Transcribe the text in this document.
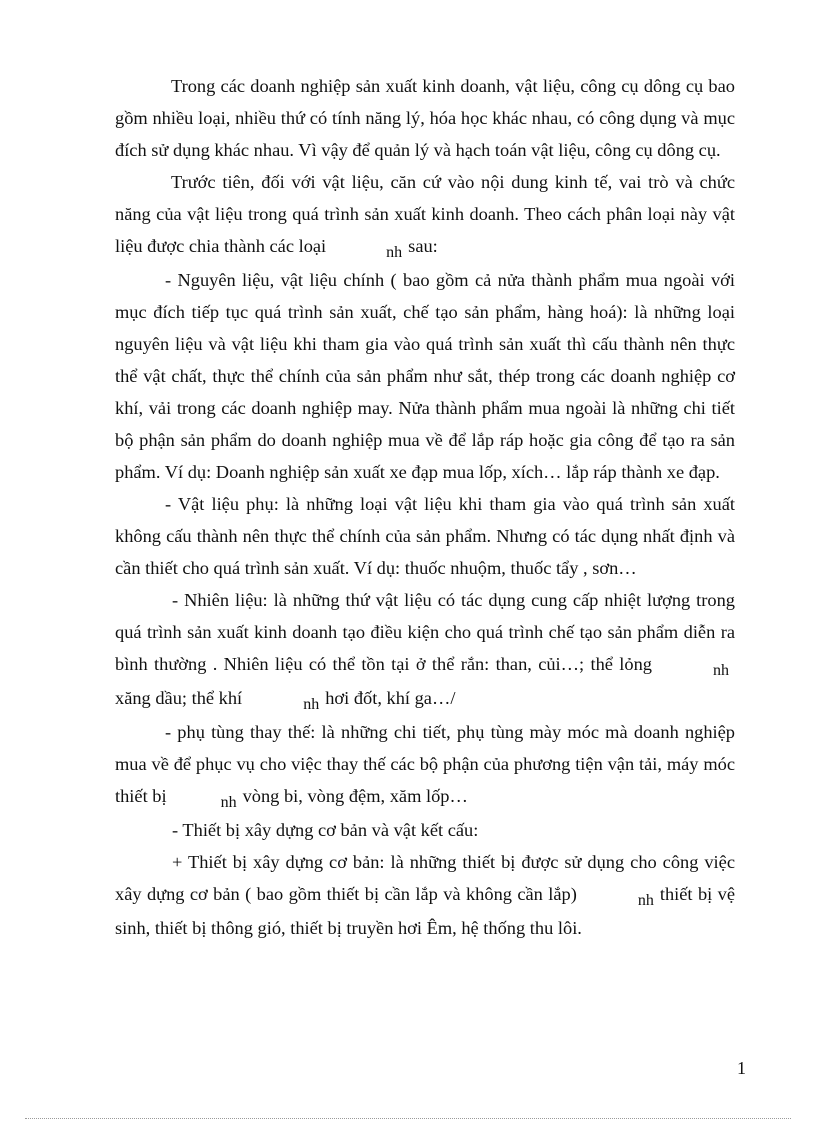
Trong các doanh nghiệp sản xuất kinh doanh, vật liệu, công cụ dông cụ bao gồm nhiều loại, nhiều thứ có tính năng lý, hóa học khác nhau, có công dụng và mục đích sử dụng khác nhau. Vì vậy để quản lý và hạch toán vật liệu, công cụ dông cụ.

Trước tiên, đối với vật liệu, căn cứ vào nội dung kinh tế, vai trò và chức năng của vật liệu trong quá trình sản xuất kinh doanh. Theo cách phân loại này vật liệu được chia thành các loại	nh sau:

- Nguyên liệu, vật liệu chính ( bao gồm cả nửa thành phẩm mua ngoài với mục đích tiếp tục quá trình sản xuất, chế tạo sản phẩm, hàng hoá): là những loại nguyên liệu và vật liệu khi tham gia vào quá trình sản xuất thì cấu thành nên thực thể vật chất, thực thể chính của sản phẩm như sắt, thép trong các doanh nghiệp cơ khí, vải trong các doanh nghiệp may. Nửa thành phẩm mua ngoài là những chi tiết bộ phận sản phẩm do doanh nghiệp mua về để lắp ráp hoặc gia công để tạo ra sản phẩm. Ví dụ: Doanh nghiệp sản xuất xe đạp mua lốp, xích… lắp ráp thành xe đạp.

- Vật liệu phụ: là những loại vật liệu khi tham gia vào quá trình sản xuất không cấu thành nên thực thể chính của sản phẩm. Nhưng có tác dụng nhất định và cần thiết cho quá trình sản xuất. Ví dụ: thuốc nhuộm, thuốc tẩy , sơn…

- Nhiên liệu: là những thứ vật liệu có tác dụng cung cấp nhiệt lượng trong quá trình sản xuất kinh doanh tạo điều kiện cho quá trình chế tạo sản phẩm diễn ra bình thường . Nhiên liệu có thể tồn tại ở thể rắn: than, củi…; thể lỏng	nhxăng dầu; thể khí	nh hơi đốt, khí ga…/

- phụ tùng thay thế: là những chi tiết, phụ tùng mày móc mà doanh nghiệp mua về để phục vụ cho việc thay thế các bộ phận của phương tiện vận tải, máy móc thiết bị	nh vòng bi, vòng đệm, xăm lốp…

- Thiết bị xây dựng cơ bản và vật kết cấu:

+ Thiết bị xây dựng cơ bản: là những thiết bị được sử dụng cho công việc xây dựng cơ bản ( bao gồm thiết bị cần lắp và không cần lắp)	nh thiết bị vệ sinh, thiết bị thông gió, thiết bị truyền hơi Êm, hệ thống thu lôi.

1
